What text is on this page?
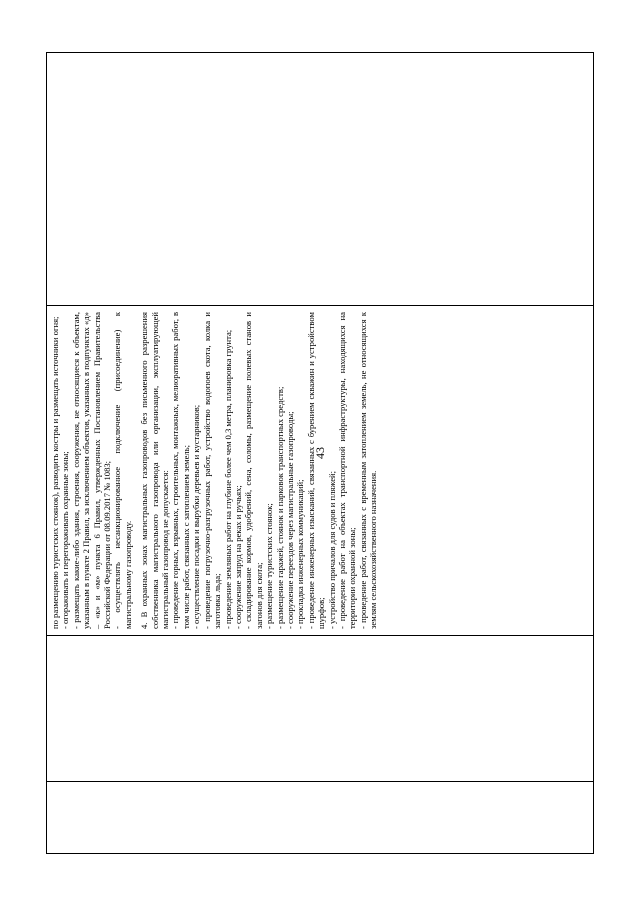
43

по размещению туристских стоянок), разводить костры и размещать источники огня; - огораживать и перегораживать охранные зоны; - размещать какие-либо здания, строения, сооружения, не относящиеся к объектам, указанным в пункте 2 Правил, за исключением объектов, указанных в подпунктах «д» – «к» и «м» пункта 6 Правил, утвержденных Постановлением Правительства Российской Федерации от 08.09.2017 № 1083; - осуществлять несанкционированное подключение (присоединение) к магистральному газопроводу. 4. В охранных зонах магистральных газопроводов без письменного разрешения собственника магистрального газопровода или организации, эксплуатирующей магистральный газопровод не допускается: - проведение горных, взрывных, строительных, монтажных, мелиоративных работ, в том числе работ, связанных с затоплением земель; - осуществление посадки и вырубки деревьев и кустарников; - проведение погрузочно-разгрузочных работ, устройство водопоев скота, колка и заготовка льда; - проведение земляных работ на глубине более чем 0,3 метра, планировка грунта; - сооружение запруд на реках и ручьях; - складирование кормов, удобрений, сена, соломы, размещение полевых станов и загонов для скота; - размещение туристских стоянок; - размещение гаражей, стоянок и парковок транспортных средств; - сооружение переездов через магистральные газопроводы; - прокладка инженерных коммуникаций; - проведение инженерных изысканий, связанных с бурением скважин и устройством шурфов; - устройство причалов для судов и пляжей; - проведение работ на объектах транспортной инфраструктуры, находящихся на территории охранной зоны; - проведение работ, связанных с временным затоплением земель, не относящихся к землям сельскохозяйственного назначения.
